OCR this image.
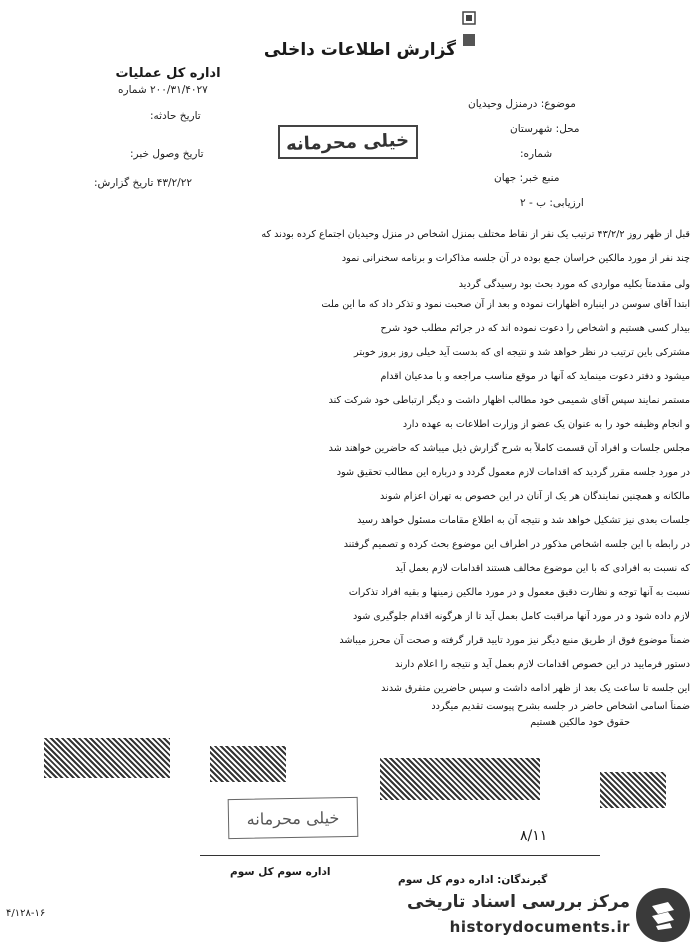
گزارش اطلاعات داخلی
اداره کل عملیات
۲۰۰/۳۱/۴۰۲۷ شماره
تاریخ حادثه:
تاریخ وصول خبر:
۴۳/۲/۲۲ تاریخ گزارش:
موضوع: درمنزل وحیدیان
محل: شهرستان
شماره:
منبع خبر: جهان
ارزیابی: ب - ۲
خیلی محرمانه
قبل از ظهر روز ۴۳/۲/۲ ترتیب یک نفر از نقاط مختلف بمنزل اشخاص در منزل وحیدیان اجتماع کرده بودند که
چند نفر از مورد مالکین خراسان جمع بوده در آن جلسه مذاکرات و برنامه سخنرانی نمود
ولی مقدمتاً بکلیه مواردی که مورد بحث بود رسیدگی گردید
ابتدا آقای سوسن در اینباره اظهارات نموده و بعد از آن صحبت نمود و تذکر داد که ما این ملت
بیدار کسی هستیم و اشخاص را دعوت نموده اند که در جرائم مطلب خود شرح
مشترکی باین ترتیب در نظر خواهد شد و نتیجه ای که بدست آید خیلی روز بروز خوبتر
میشود و دفتر دعوت مینماید که آنها در موقع مناسب مراجعه و با مدعیان اقدام
مستمر نمایند سپس آقای شمیمی خود مطالب اظهار داشت و دیگر ارتباطی خود شرکت کند
و انجام وظیفه خود را به عنوان یک عضو از وزارت اطلاعات به عهده دارد
مجلس جلسات و افراد آن قسمت کاملاً به شرح گزارش ذیل میباشد که حاضرین خواهند شد
در مورد جلسه مقرر گردید که اقدامات لازم معمول گردد و درباره این مطالب تحقیق شود
مالکانه و همچنین نمایندگان هر یک از آنان در این خصوص به تهران اعزام شوند
جلسات بعدی نیز تشکیل خواهد شد و نتیجه آن به اطلاع مقامات مسئول خواهد رسید
در رابطه با این جلسه اشخاص مذکور در اطراف این موضوع بحث کرده و تصمیم گرفتند
که نسبت به افرادی که با این موضوع مخالف هستند اقدامات لازم بعمل آید
نسبت به آنها توجه و نظارت دقیق معمول و در مورد مالکین زمینها و بقیه افراد تذکرات
لازم داده شود و در مورد آنها مراقبت کامل بعمل آید تا از هرگونه اقدام جلوگیری شود
ضمناً موضوع فوق از طریق منبع دیگر نیز مورد تایید قرار گرفته و صحت آن محرز میباشد
دستور فرمایید در این خصوص اقدامات لازم بعمل آید و نتیجه را اعلام دارند
این جلسه تا ساعت یک بعد از ظهر ادامه داشت و سپس حاضرین متفرق شدند
ضمناً اسامی اشخاص حاضر در جلسه بشرح پیوست تقدیم میگردد
حقوق خود مالکین هستیم
خیلی محرمانه
۸/۱۱
اداره سوم کل سوم
گیرندگان: اداره دوم کل سوم
۴/۱۲۸-۱۶
مرکز بررسی اسناد تاریخی
historydocuments.ir
